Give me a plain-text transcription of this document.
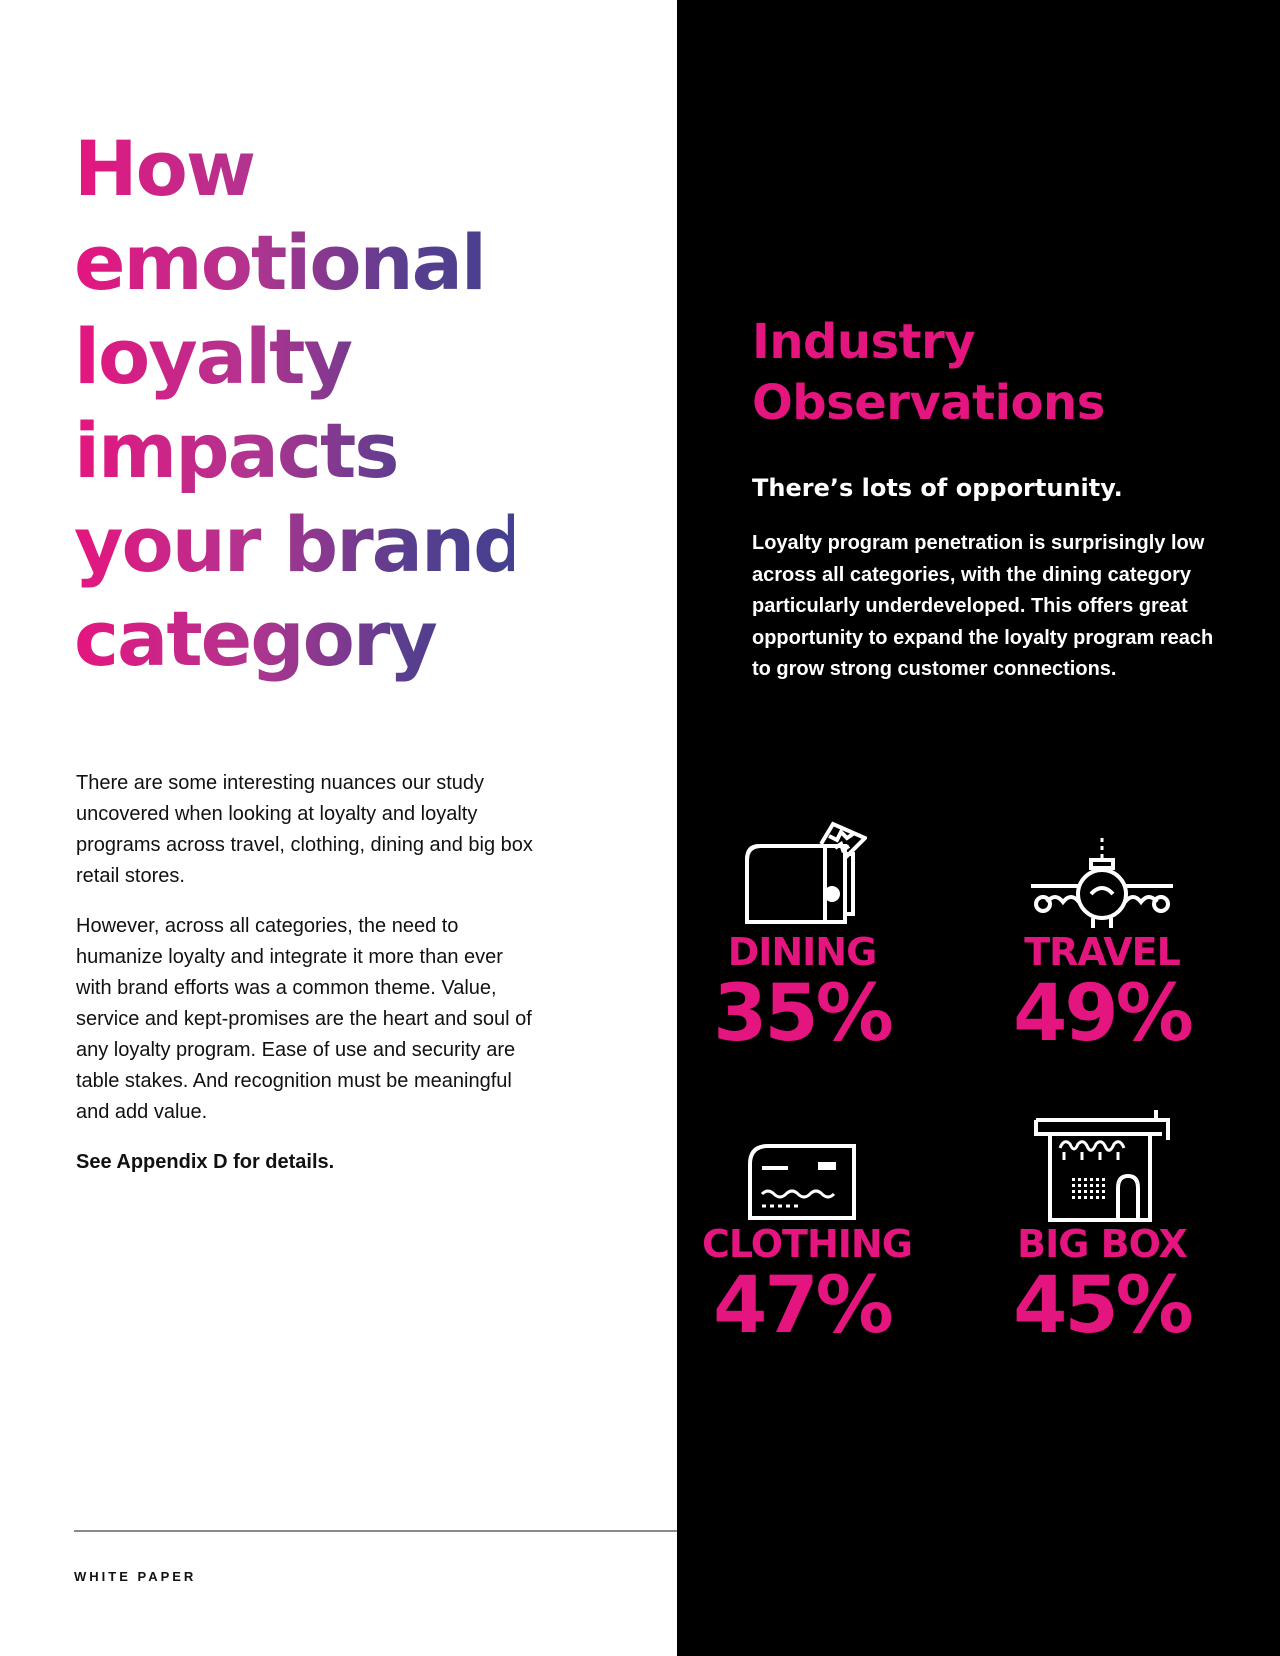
How
emotional
loyalty
impacts
your brand
category

There are some interesting nuances our study uncovered when looking at loyalty and loyalty programs across travel, clothing, dining and big box retail stores.

However, across all categories, the need to humanize loyalty and integrate it more than ever with brand efforts was a common theme. Value, service and kept-promises are the heart and soul of any loyalty program. Ease of use and security are table stakes. And recognition must be meaningful and add value.

See Appendix D for details.

WHITE PAPER
Industry
Observations
There’s lots of opportunity.

Loyalty program penetration is surprisingly low across all categories, with the dining category particularly underdeveloped. This offers great opportunity to expand the loyalty program reach to grow strong customer connections.

DINING
35%
TRAVEL
49%
CLOTHING
47%
BIG BOX
45%
